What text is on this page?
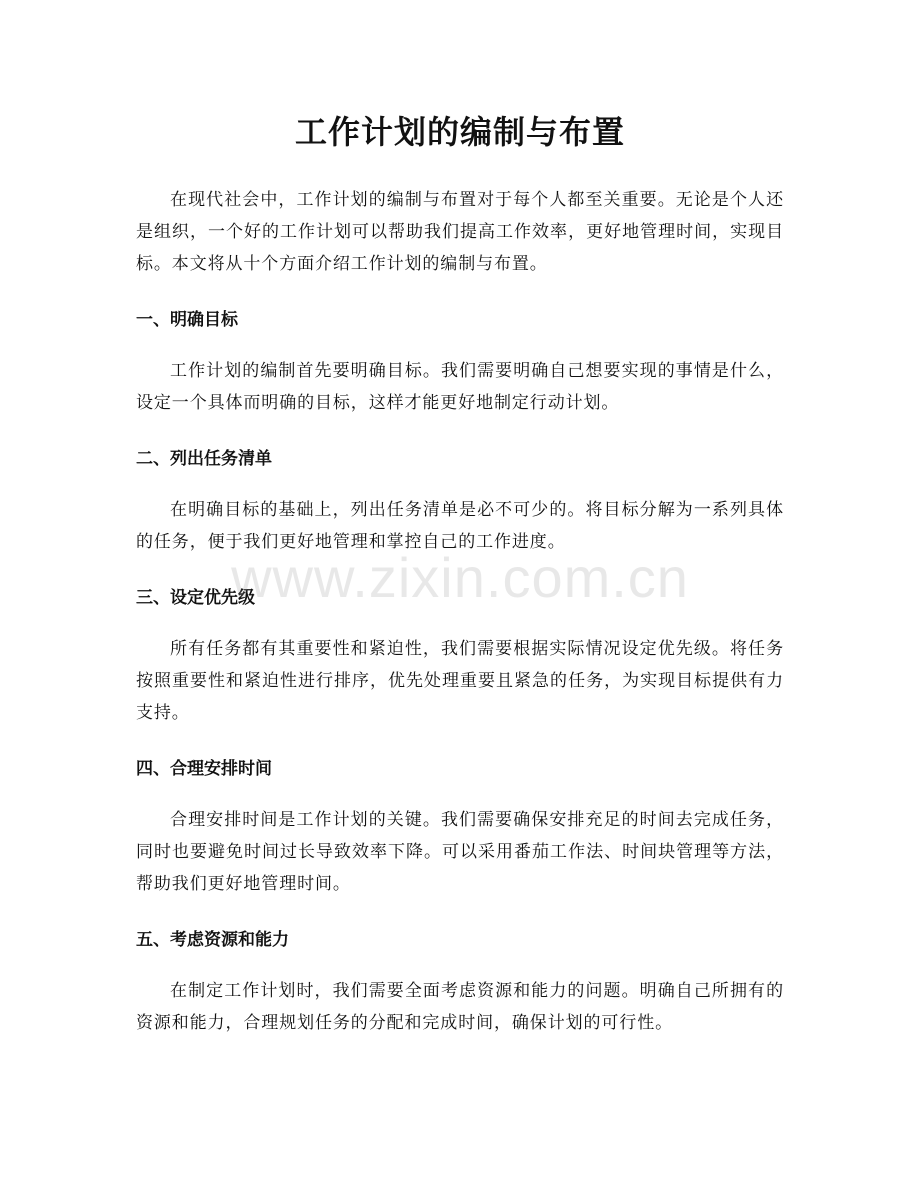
工作计划的编制与布置

在现代社会中，工作计划的编制与布置对于每个人都至关重要。无论是个人还是组织，一个好的工作计划可以帮助我们提高工作效率，更好地管理时间，实现目标。本文将从十个方面介绍工作计划的编制与布置。

一、明确目标

工作计划的编制首先要明确目标。我们需要明确自己想要实现的事情是什么，设定一个具体而明确的目标，这样才能更好地制定行动计划。

二、列出任务清单

在明确目标的基础上，列出任务清单是必不可少的。将目标分解为一系列具体的任务，便于我们更好地管理和掌控自己的工作进度。

三、设定优先级

所有任务都有其重要性和紧迫性，我们需要根据实际情况设定优先级。将任务按照重要性和紧迫性进行排序，优先处理重要且紧急的任务，为实现目标提供有力支持。

四、合理安排时间

合理安排时间是工作计划的关键。我们需要确保安排充足的时间去完成任务，同时也要避免时间过长导致效率下降。可以采用番茄工作法、时间块管理等方法，帮助我们更好地管理时间。

五、考虑资源和能力

在制定工作计划时，我们需要全面考虑资源和能力的问题。明确自己所拥有的资源和能力，合理规划任务的分配和完成时间，确保计划的可行性。

www.zixin.com.cn
